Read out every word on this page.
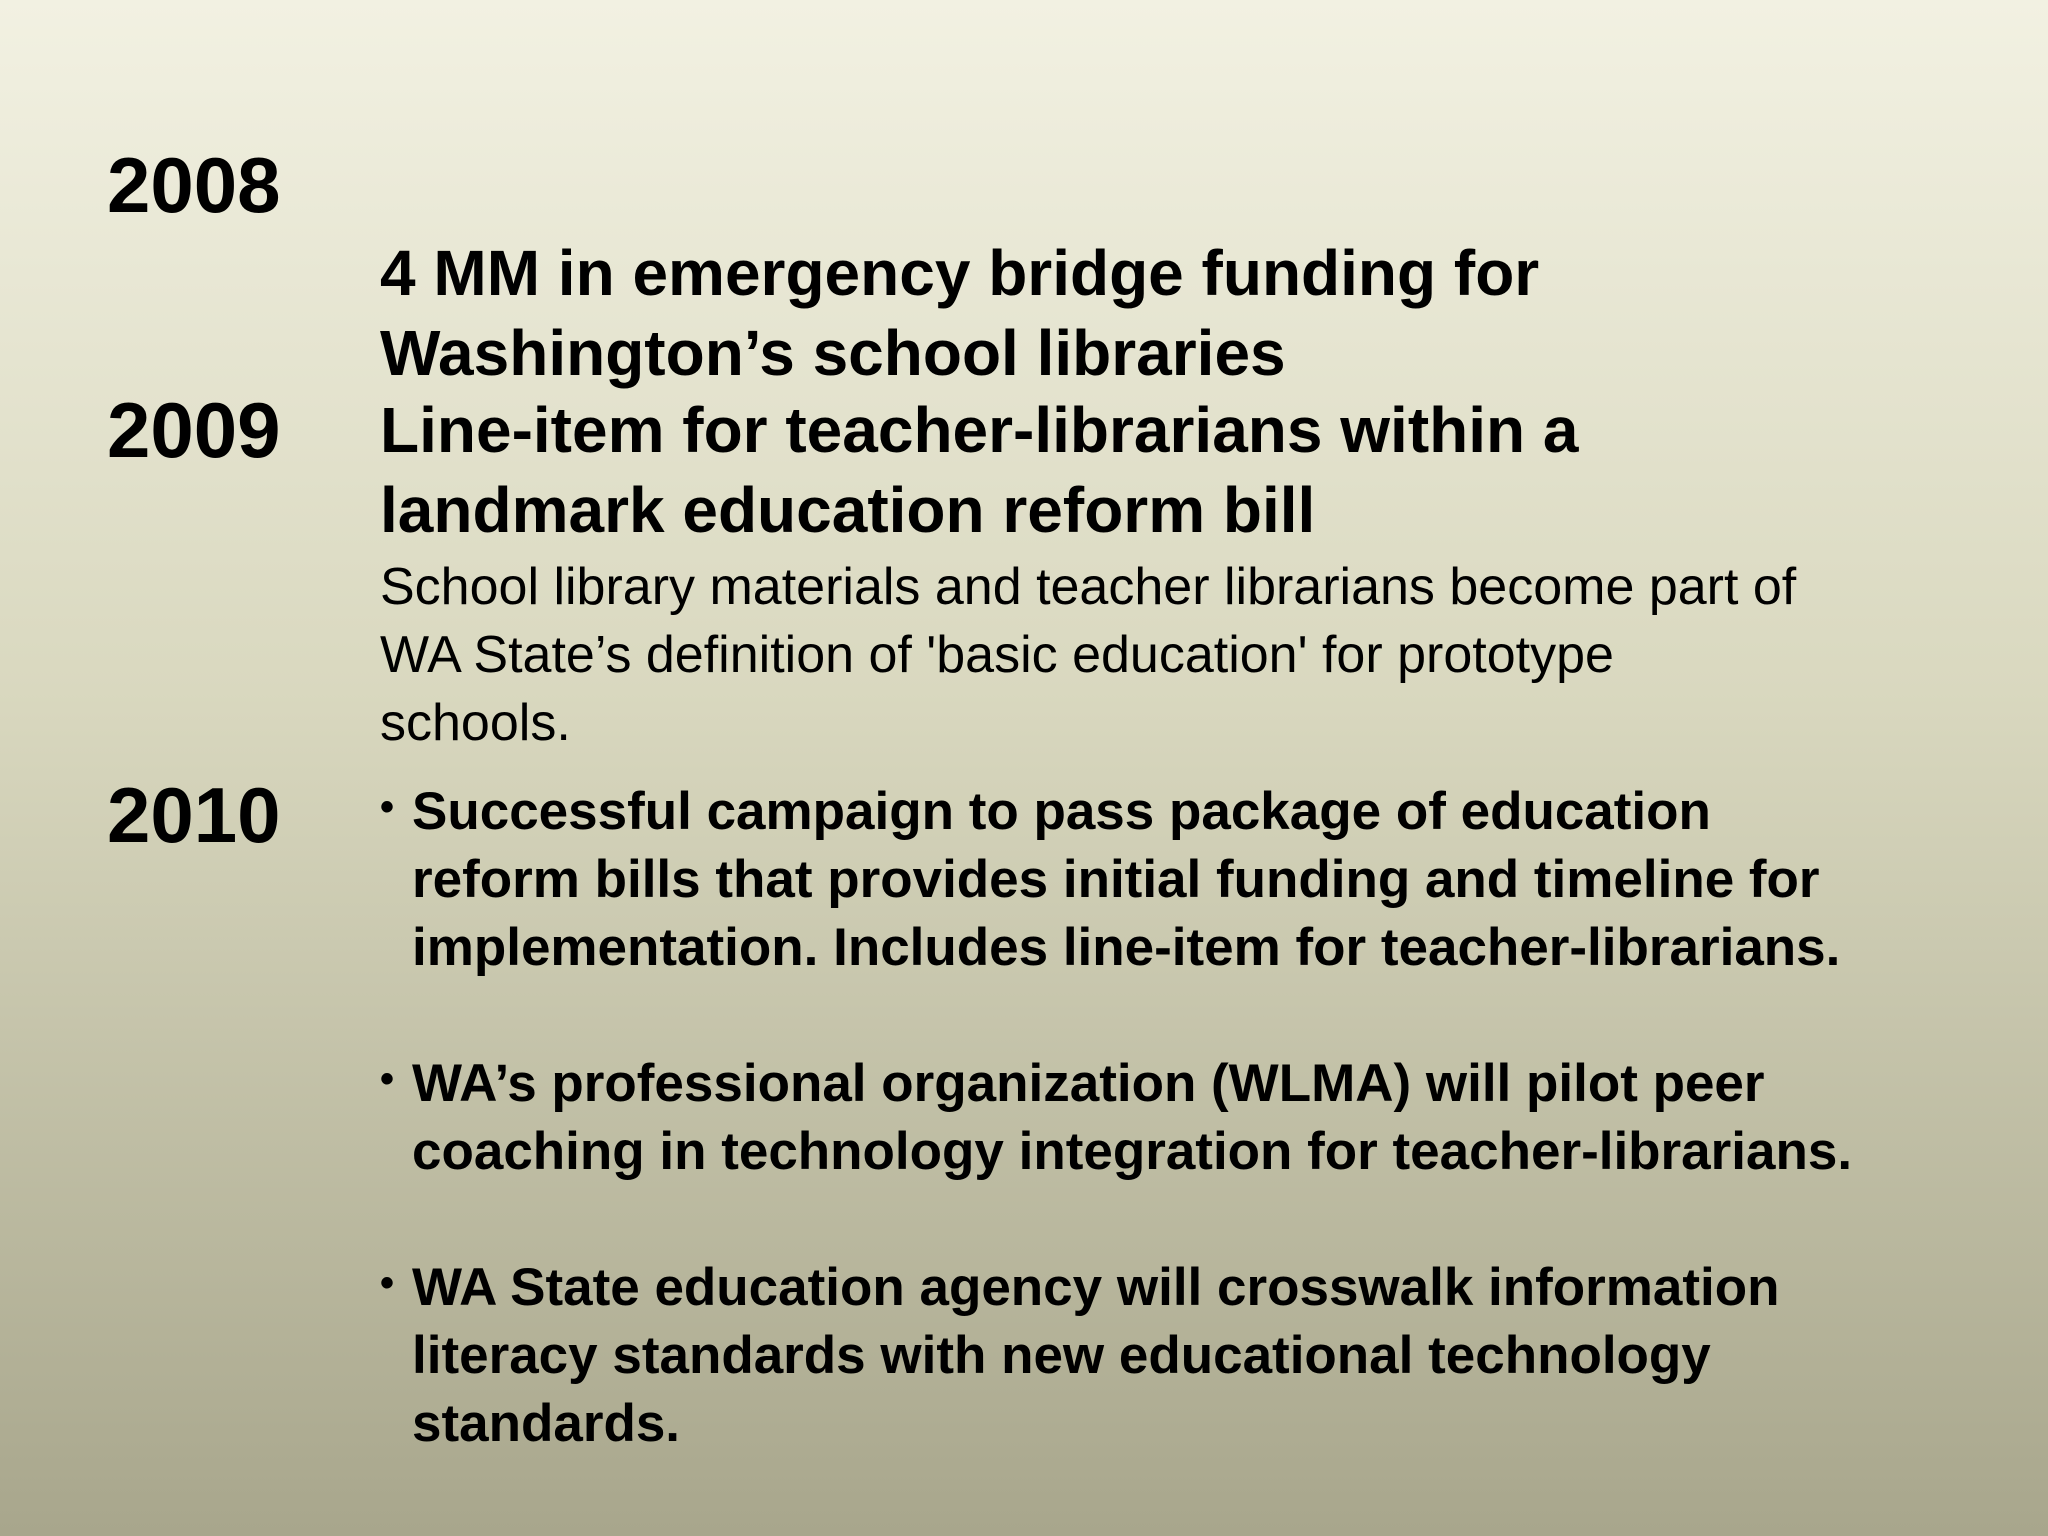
2008
2009
2010
4 MM in emergency bridge funding for
Washington’s school libraries
Line-item for teacher-librarians within a
landmark education reform bill
School library materials and teacher librarians become part of
WA State’s definition of 'basic education' for prototype
schools.
• Successful campaign to pass package of education
reform bills that provides initial funding and timeline for
implementation. Includes line-item for teacher-librarians.
• WA’s professional organization (WLMA) will pilot peer
coaching in technology integration for teacher-librarians.
• WA State education agency will crosswalk information
literacy standards with new educational technology
standards.
